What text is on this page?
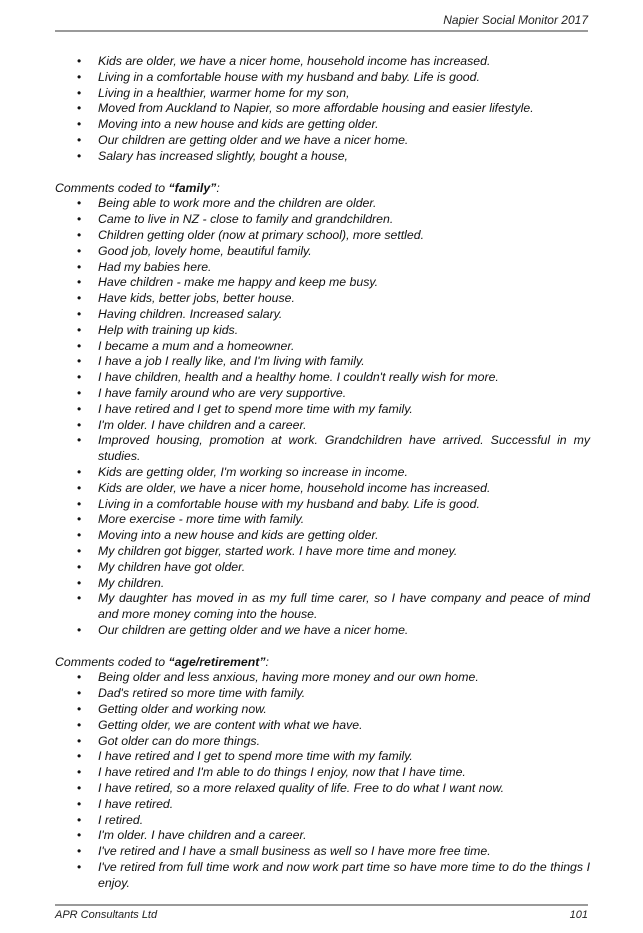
Napier Social Monitor 2017
• Kids are older, we have a nicer home, household income has increased.
• Living in a comfortable house with my husband and baby. Life is good.
• Living in a healthier, warmer home for my son,
• Moved from Auckland to Napier, so more affordable housing and easier lifestyle.
• Moving into a new house and kids are getting older.
• Our children are getting older and we have a nicer home.
• Salary has increased slightly, bought a house,

Comments coded to “family”:

• Being able to work more and the children are older.
• Came to live in NZ - close to family and grandchildren.
• Children getting older (now at primary school), more settled.
• Good job, lovely home, beautiful family.
• Had my babies here.
• Have children - make me happy and keep me busy.
• Have kids, better jobs, better house.
• Having children. Increased salary.
• Help with training up kids.
• I became a mum and a homeowner.
• I have a job I really like, and I'm living with family.
• I have children, health and a healthy home. I couldn't really wish for more.
• I have family around who are very supportive.
• I have retired and I get to spend more time with my family.
• I'm older. I have children and a career.
• Improved housing, promotion at work. Grandchildren have arrived. Successful in my studies.
• Kids are getting older, I'm working so increase in income.
• Kids are older, we have a nicer home, household income has increased.
• Living in a comfortable house with my husband and baby. Life is good.
• More exercise - more time with family.
• Moving into a new house and kids are getting older.
• My children got bigger, started work. I have more time and money.
• My children have got older.
• My children.
• My daughter has moved in as my full time carer, so I have company and peace of mind and more money coming into the house.
• Our children are getting older and we have a nicer home.

Comments coded to “age/retirement”:

• Being older and less anxious, having more money and our own home.
• Dad's retired so more time with family.
• Getting older and working now.
• Getting older, we are content with what we have.
• Got older can do more things.
• I have retired and I get to spend more time with my family.
• I have retired and I'm able to do things I enjoy, now that I have time.
• I have retired, so a more relaxed quality of life. Free to do what I want now.
• I have retired.
• I retired.
• I'm older. I have children and a career.
• I've retired and I have a small business as well so I have more free time.
• I've retired from full time work and now work part time so have more time to do the things I enjoy.
APR Consultants Ltd	101
